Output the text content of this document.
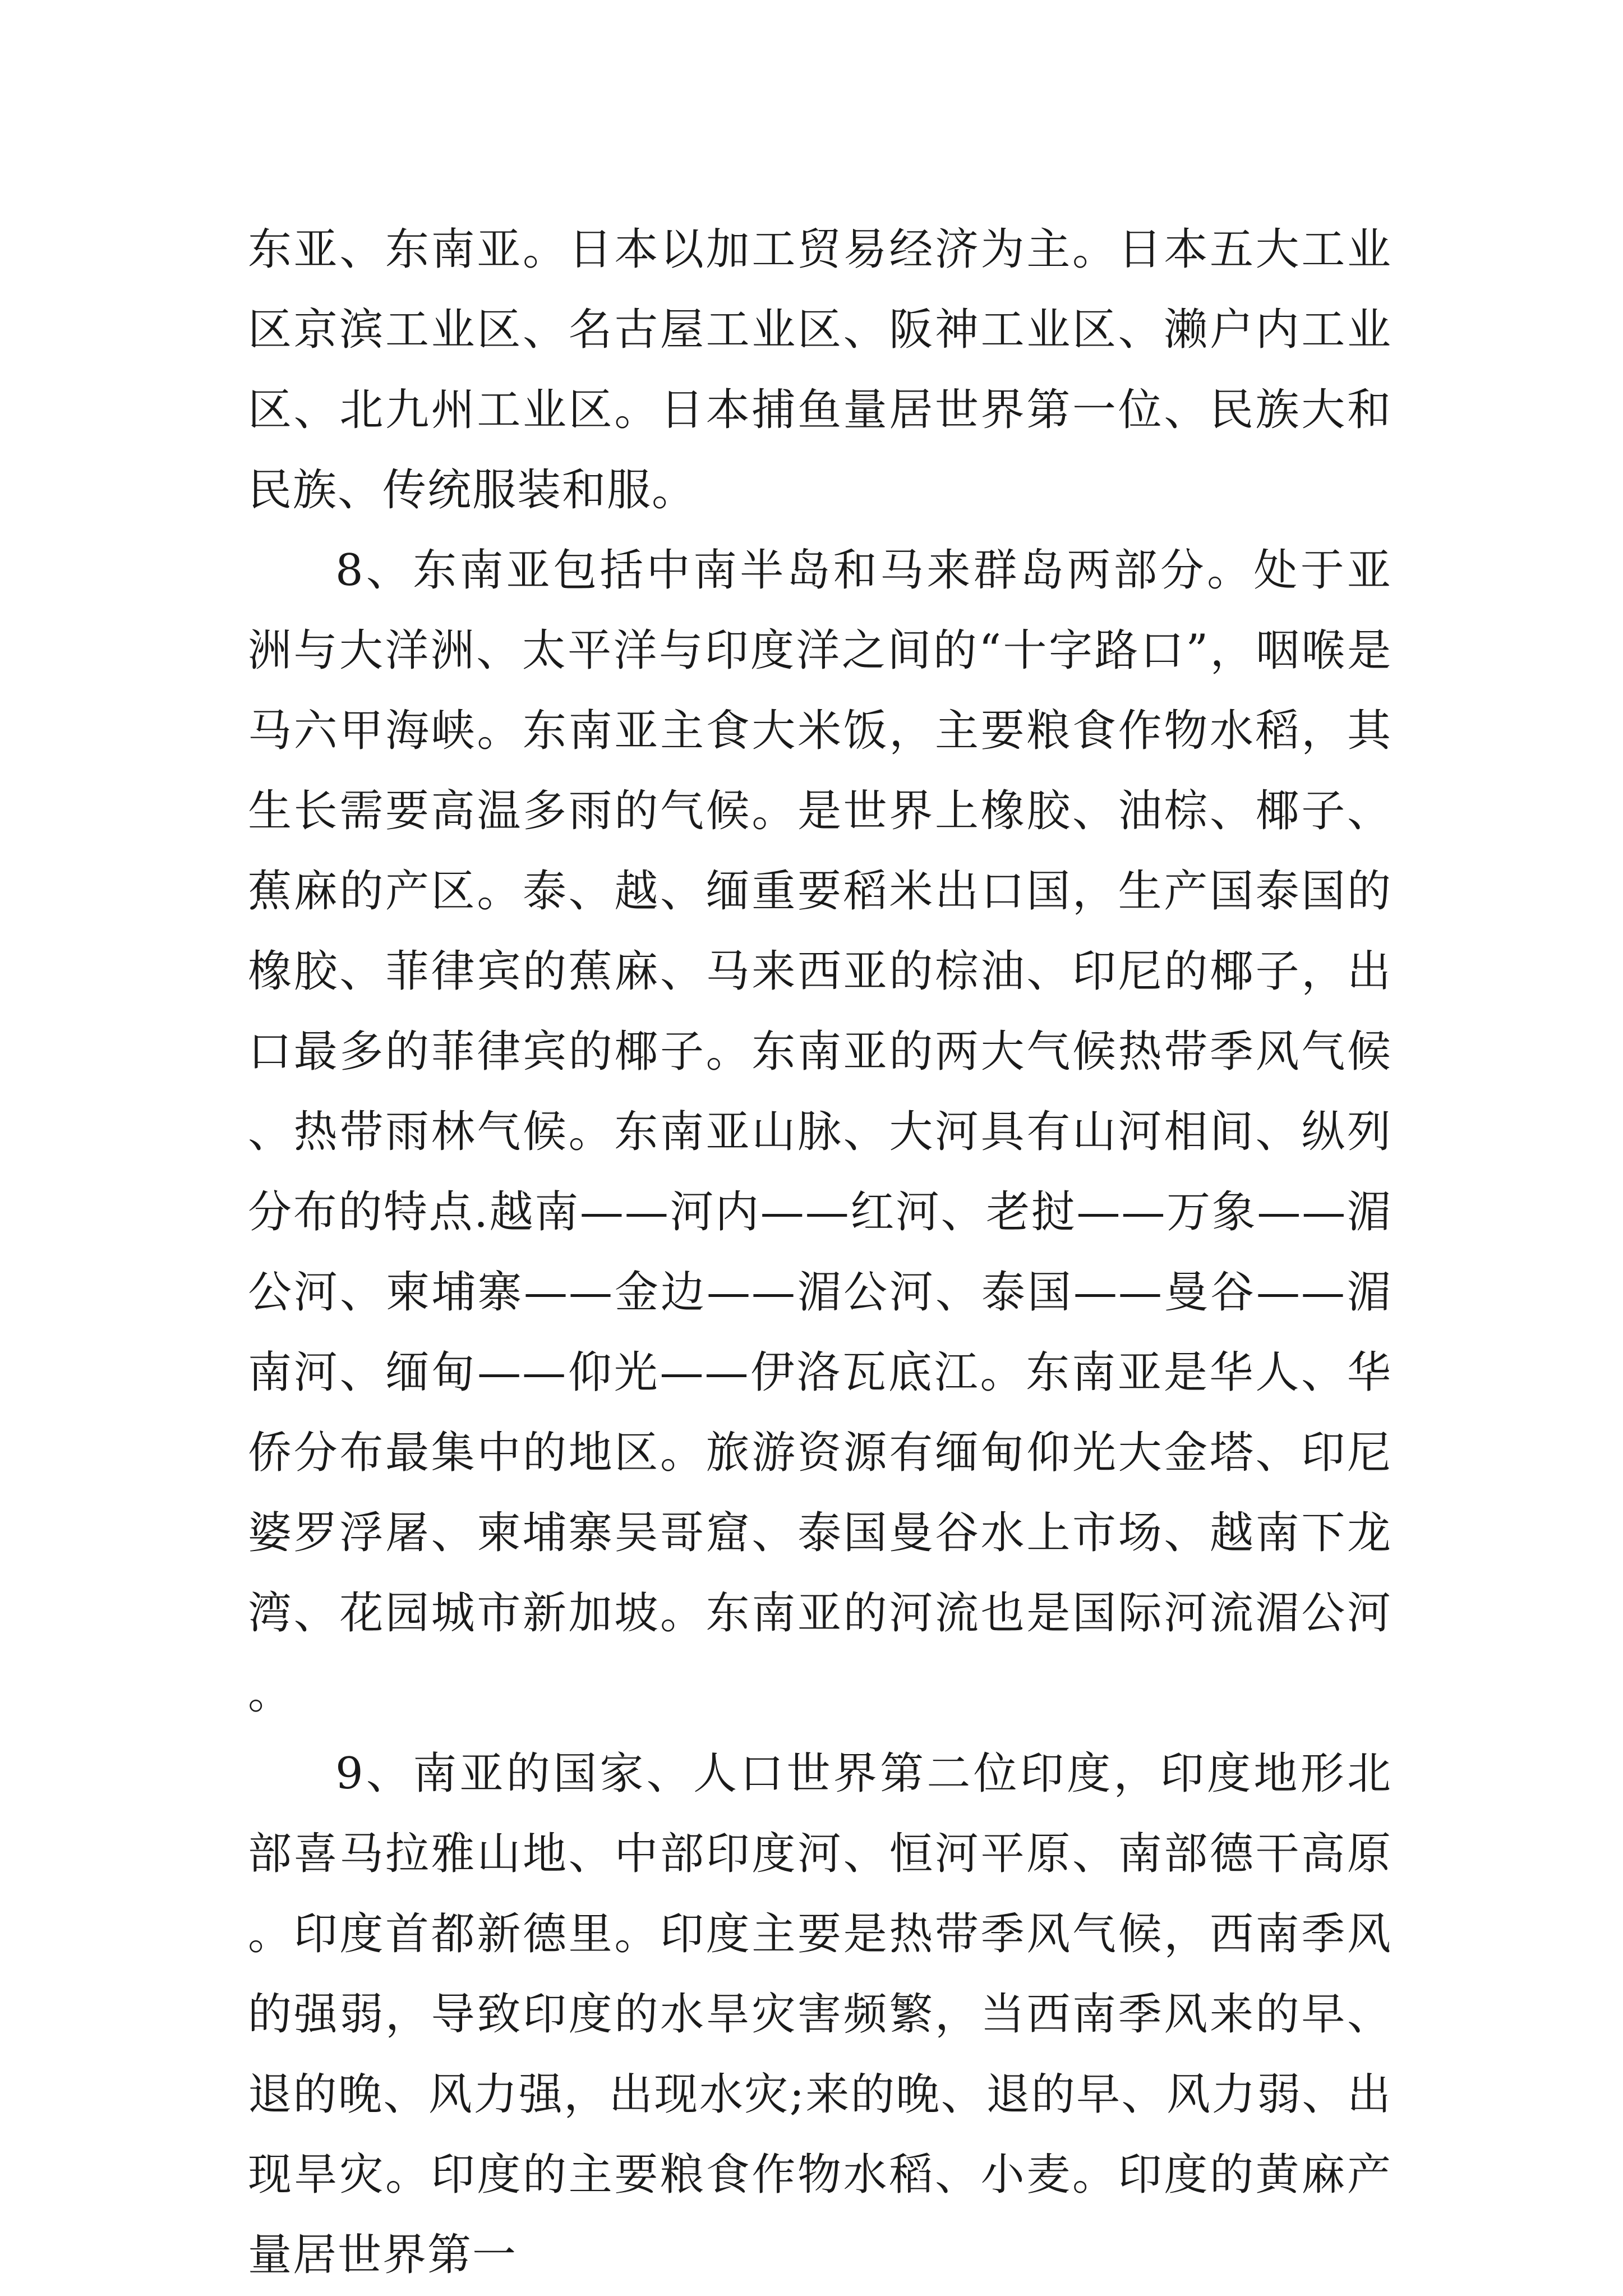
东亚、东南亚。日本以加工贸易经济为主。日本五大工业区京滨工业区、名古屋工业区、阪神工业区、濑户内工业区、北九州工业区。日本捕鱼量居世界第一位、民族大和民族、传统服装和服。

8、东南亚包括中南半岛和马来群岛两部分。处于亚洲与大洋洲、太平洋与印度洋之间的“十字路口”，咽喉是马六甲海峡。东南亚主食大米饭，主要粮食作物水稻，其生长需要高温多雨的气候。是世界上橡胶、油棕、椰子、蕉麻的产区。泰、越、缅重要稻米出口国，生产国泰国的橡胶、菲律宾的蕉麻、马来西亚的棕油、印尼的椰子，出口最多的菲律宾的椰子。东南亚的两大气候热带季风气候、热带雨林气候。东南亚山脉、大河具有山河相间、纵列分布的特点.越南——河内——红河、老挝——万象——湄公河、柬埔寨——金边——湄公河、泰国——曼谷——湄南河、缅甸——仰光——伊洛瓦底江。东南亚是华人、华侨分布最集中的地区。旅游资源有缅甸仰光大金塔、印尼婆罗浮屠、柬埔寨吴哥窟、泰国曼谷水上市场、越南下龙湾、花园城市新加坡。东南亚的河流也是国际河流湄公河。

9、南亚的国家、人口世界第二位印度，印度地形北部喜马拉雅山地、中部印度河、恒河平原、南部德干高原。印度首都新德里。印度主要是热带季风气候，西南季风的强弱，导致印度的水旱灾害频繁，当西南季风来的早、退的晚、风力强，出现水灾;来的晚、退的早、风力弱、出现旱灾。印度的主要粮食作物水稻、小麦。印度的黄麻产量居世界第一
